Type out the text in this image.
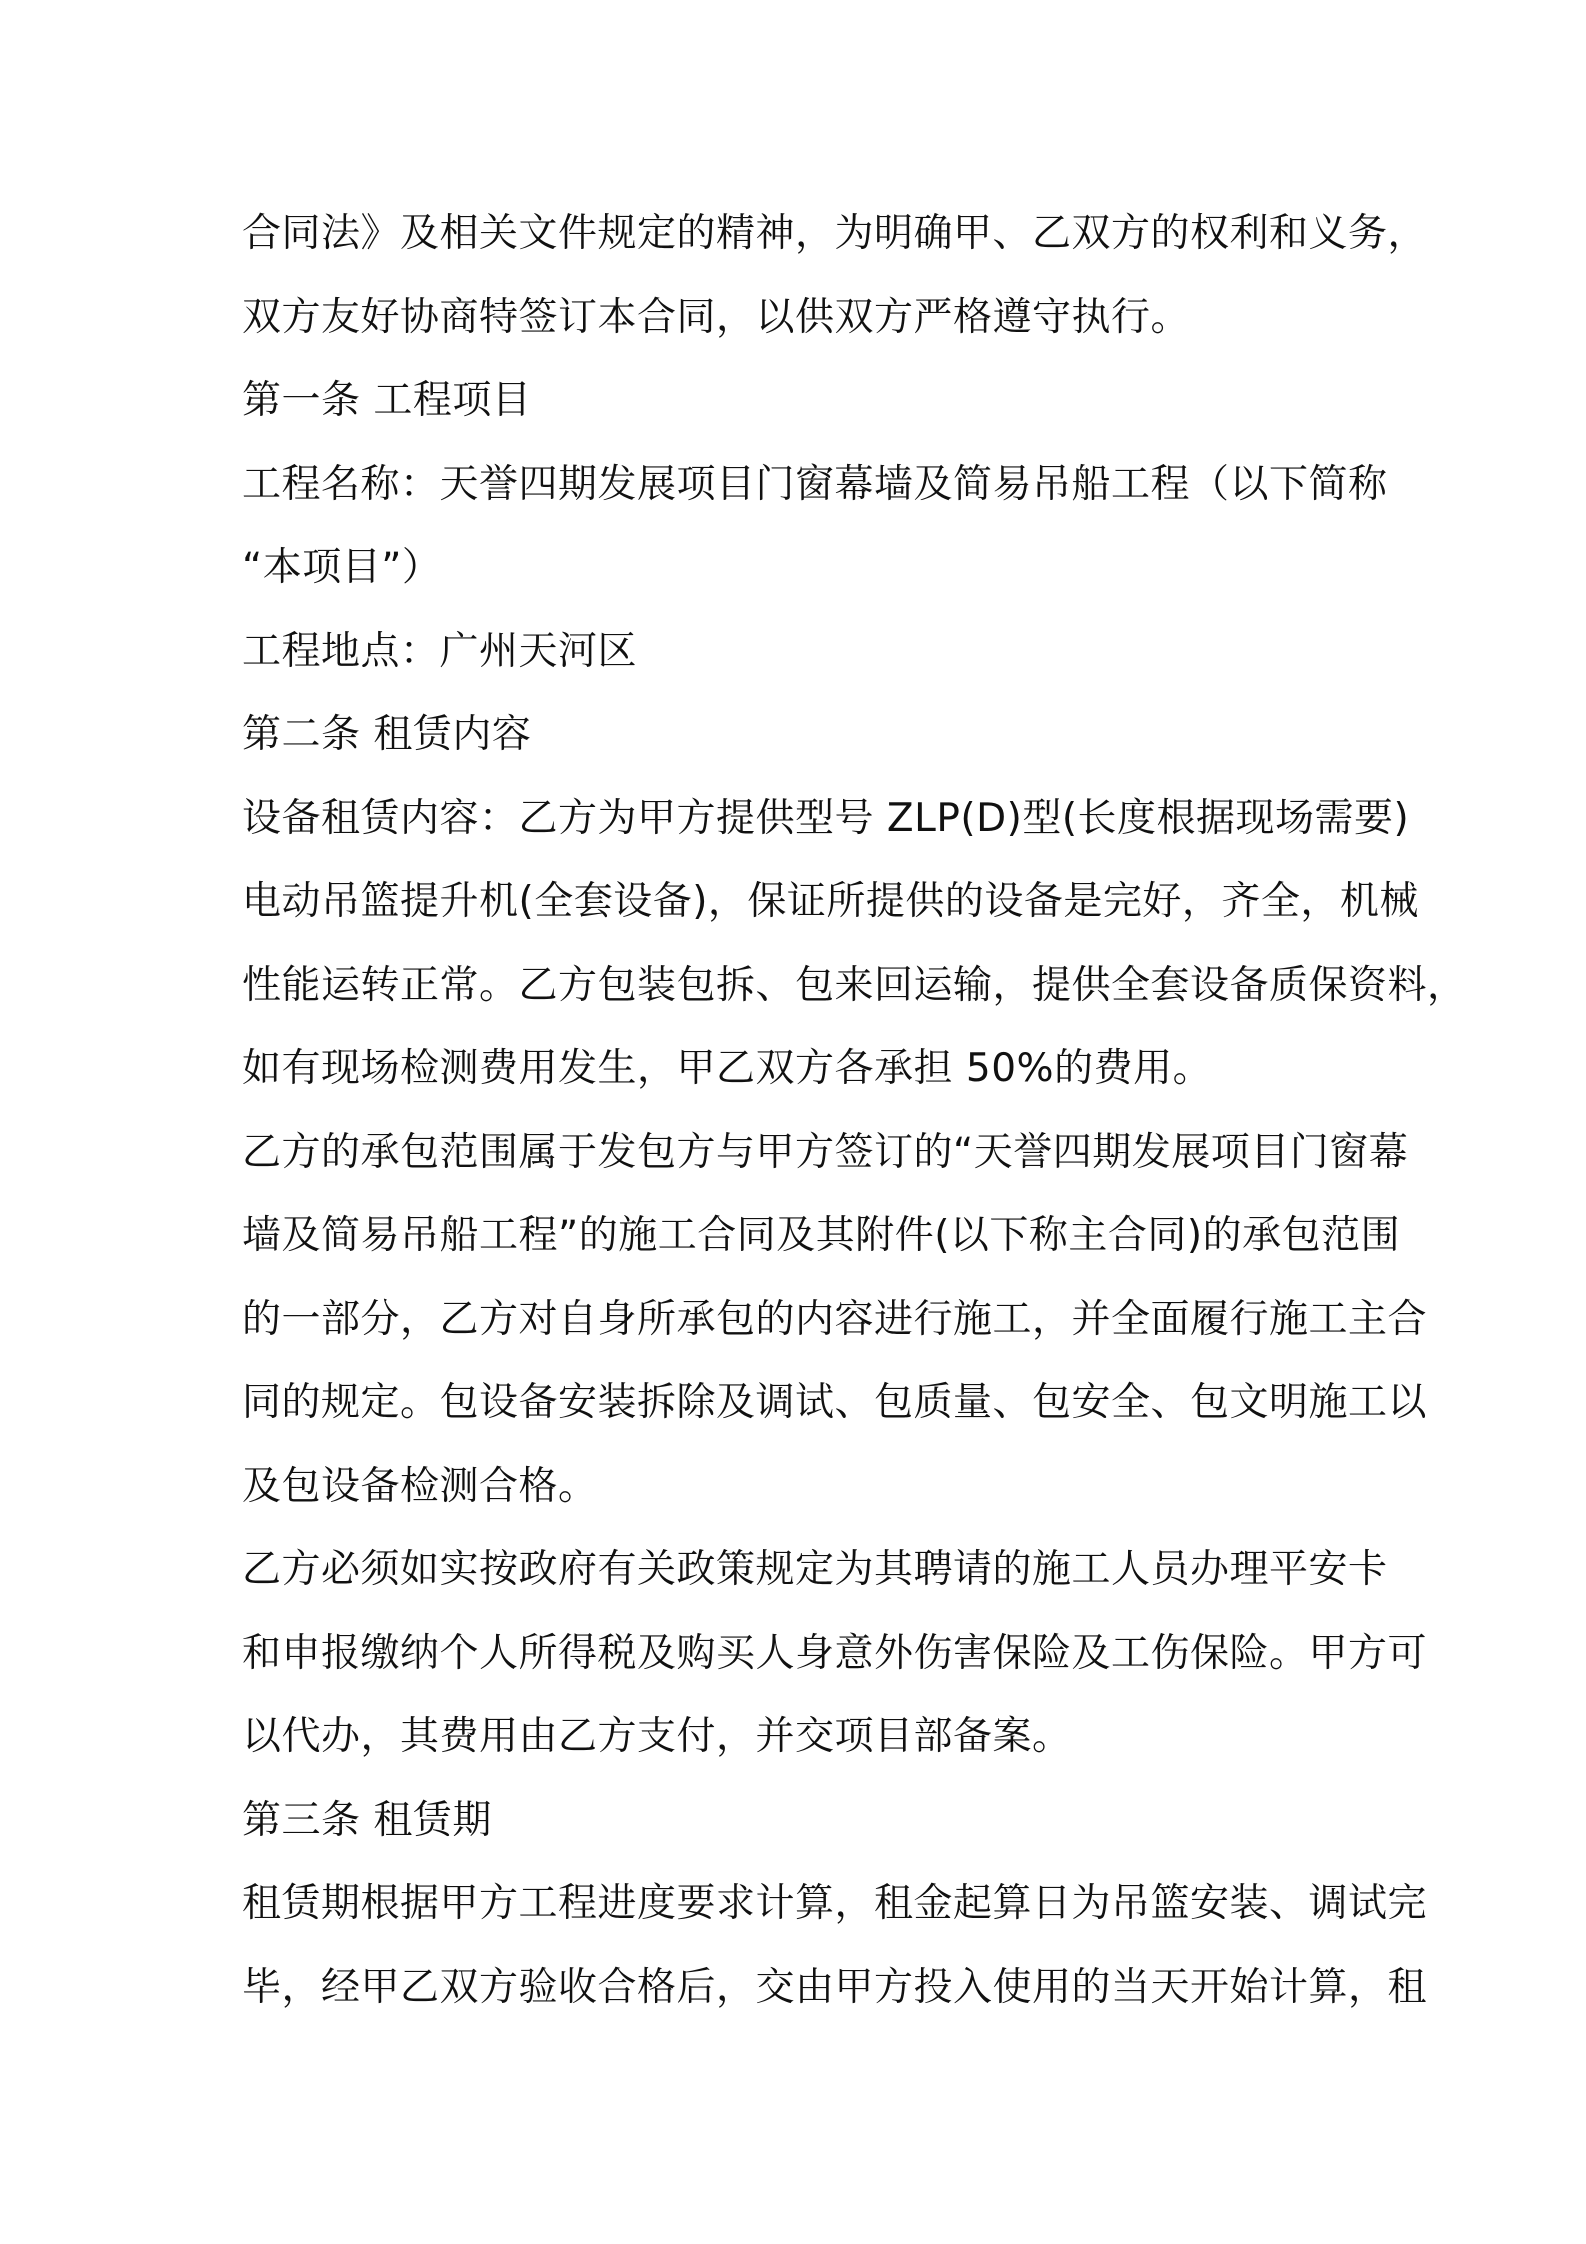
合同法》及相关文件规定的精神，为明确甲、乙双方的权利和义务，
双方友好协商特签订本合同，以供双方严格遵守执行。
第一条 工程项目
工程名称：天誉四期发展项目门窗幕墙及简易吊船工程（以下简称
“本项目”）
工程地点：广州天河区
第二条 租赁内容
设备租赁内容：乙方为甲方提供型号 ZLP(D)型(长度根据现场需要)
电动吊篮提升机(全套设备)，保证所提供的设备是完好，齐全，机械
性能运转正常。乙方包装包拆、包来回运输，提供全套设备质保资料，
如有现场检测费用发生，甲乙双方各承担 50%的费用。
乙方的承包范围属于发包方与甲方签订的“天誉四期发展项目门窗幕
墙及简易吊船工程”的施工合同及其附件(以下称主合同)的承包范围
的一部分，乙方对自身所承包的内容进行施工，并全面履行施工主合
同的规定。包设备安装拆除及调试、包质量、包安全、包文明施工以
及包设备检测合格。
乙方必须如实按政府有关政策规定为其聘请的施工人员办理平安卡
和申报缴纳个人所得税及购买人身意外伤害保险及工伤保险。甲方可
以代办，其费用由乙方支付，并交项目部备案。
第三条 租赁期
租赁期根据甲方工程进度要求计算，租金起算日为吊篮安装、调试完
毕，经甲乙双方验收合格后，交由甲方投入使用的当天开始计算，租
